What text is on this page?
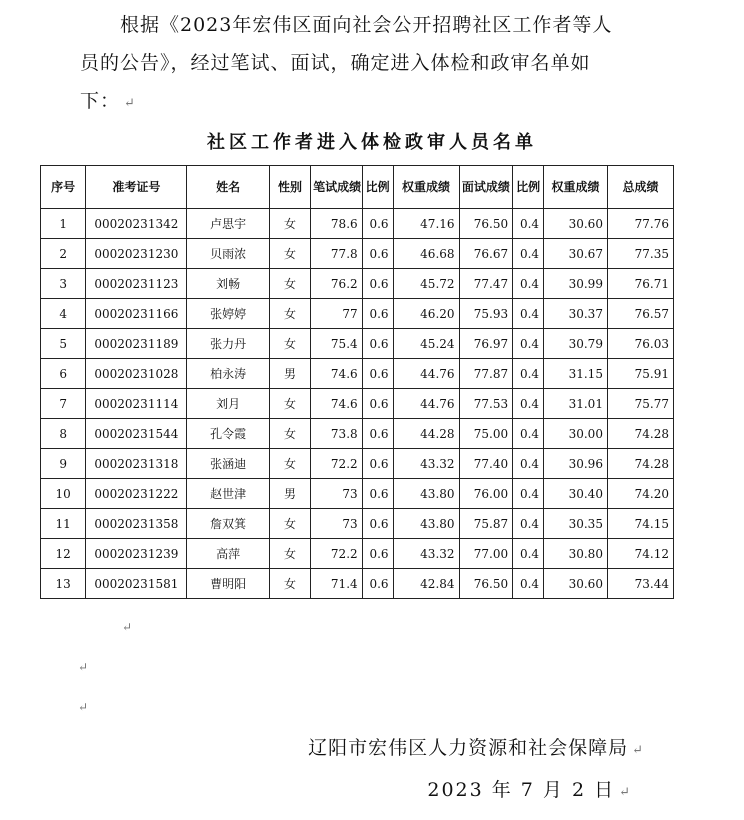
根据《2023年宏伟区面向社会公开招聘社区工作者等人

员的公告》，经过笔试、面试，确定进入体检和政审名单如

下： ↵

社区工作者进入体检政审人员名单
序号	准考证号	姓名	性别	笔试成绩	比例	权重成绩	面试成绩	比例	权重成绩	总成绩
1	00020231342	卢思宇	女	78.6	0.6	47.16	76.50	0.4	30.60	77.76
2	00020231230	贝雨浓	女	77.8	0.6	46.68	76.67	0.4	30.67	77.35
3	00020231123	刘畅	女	76.2	0.6	45.72	77.47	0.4	30.99	76.71
4	00020231166	张婷婷	女	77	0.6	46.20	75.93	0.4	30.37	76.57
5	00020231189	张力丹	女	75.4	0.6	45.24	76.97	0.4	30.79	76.03
6	00020231028	柏永涛	男	74.6	0.6	44.76	77.87	0.4	31.15	75.91
7	00020231114	刘月	女	74.6	0.6	44.76	77.53	0.4	31.01	75.77
8	00020231544	孔令霞	女	73.8	0.6	44.28	75.00	0.4	30.00	74.28
9	00020231318	张涵迪	女	72.2	0.6	43.32	77.40	0.4	30.96	74.28
10	00020231222	赵世津	男	73	0.6	43.80	76.00	0.4	30.40	74.20
11	00020231358	詹双箕	女	73	0.6	43.80	75.87	0.4	30.35	74.15
12	00020231239	高萍	女	72.2	0.6	43.32	77.00	0.4	30.80	74.12
13	00020231581	曹明阳	女	71.4	0.6	42.84	76.50	0.4	30.60	73.44
↵
↵
↵
辽阳市宏伟区人力资源和社会保障局 ↵
2023 年 7 月 2 日 ↵
